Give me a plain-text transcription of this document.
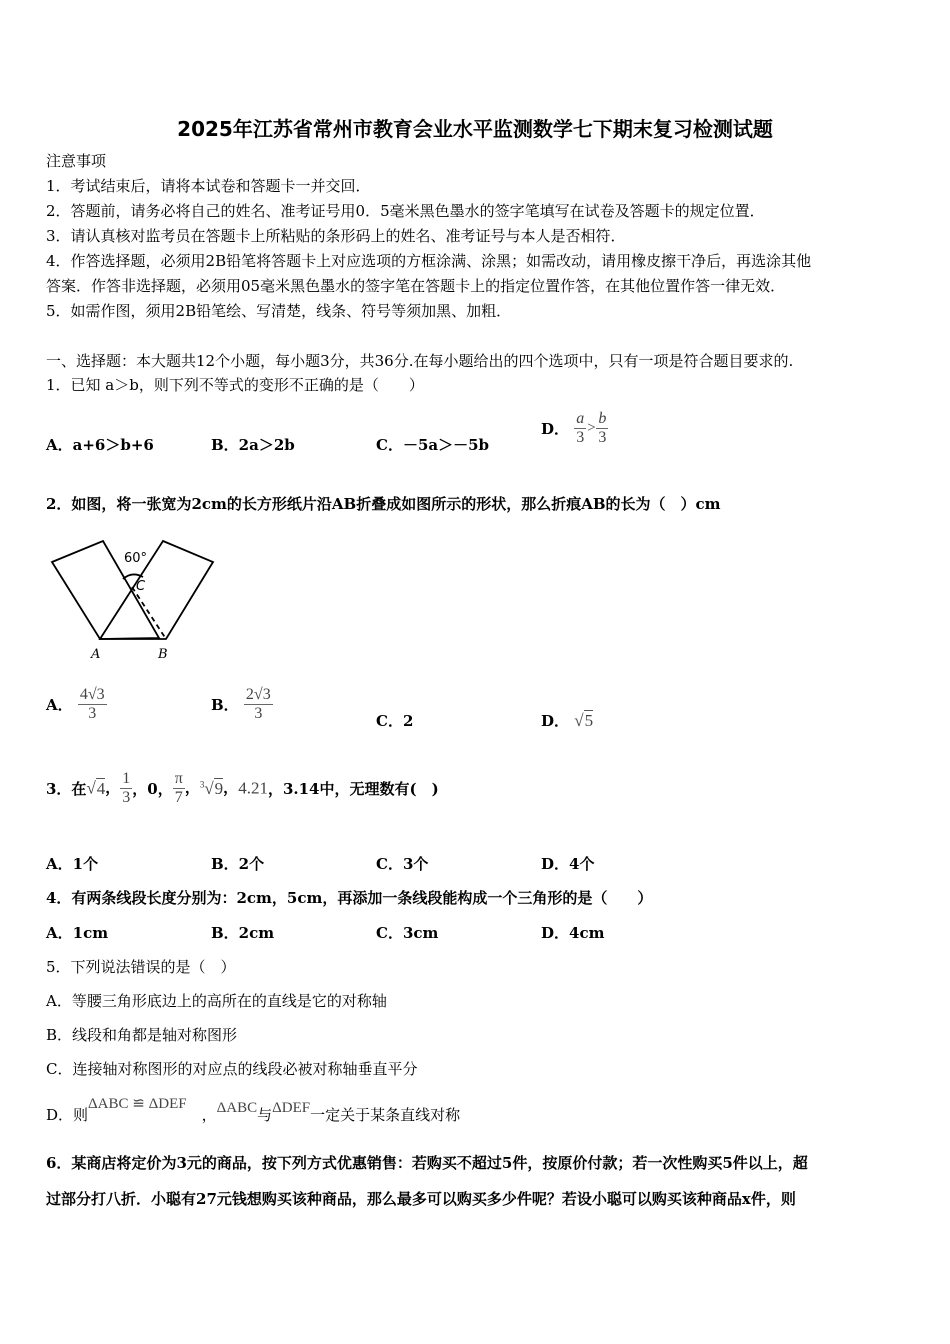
2025年江苏省常州市教育会业水平监测数学七下期末复习检测试题
注意事项
1．考试结束后，请将本试卷和答题卡一并交回．
2．答题前，请务必将自己的姓名、准考证号用0．5毫米黑色墨水的签字笔填写在试卷及答题卡的规定位置．
3．请认真核对监考员在答题卡上所粘贴的条形码上的姓名、准考证号与本人是否相符．
4．作答选择题，必须用2B铅笔将答题卡上对应选项的方框涂满、涂黑；如需改动，请用橡皮擦干净后，再选涂其他
答案．作答非选择题，必须用05毫米黑色墨水的签字笔在答题卡上的指定位置作答，在其他位置作答一律无效．
5．如需作图，须用2B铅笔绘、写清楚，线条、符号等须加黑、加粗．
一、选择题：本大题共12个小题，每小题3分，共36分.在每小题给出的四个选项中，只有一项是符合题目要求的.
1．已知 a＞b，则下列不等式的变形不正确的是（　　）
A．a+6＞b+6	B．2a＞2b	C．－5a＞－5b
D． $\frac{a}{3} > \frac{b}{3}$
2．如图，将一张宽为2cm的长方形纸片沿AB折叠成如图所示的形状，那么折痕AB的长为（　）cm
60°
C
A	B
A． $\frac{4√3}{3}$	B． $\frac{2√3}{3}$	C．2	D． √5
3．在√4， $\frac{1}{3}$ ，0， $\frac{\pi}{7}$ ，$^3$√9，4.21，3.14中，无理数有(　)
A．1个	B．2个	C．3个	D．4个
4．有两条线段长度分别为：2cm，5cm，再添加一条线段能构成一个三角形的是（　　）
A．1cm	B．2cm	C．3cm	D．4cm
5．下列说法错误的是（　）
A．等腰三角形底边上的高所在的直线是它的对称轴
B．线段和角都是轴对称图形
C．连接轴对称图形的对应点的线段必被对称轴垂直平分
D．则ΔABC ≌ ΔDEF　，ΔABC与ΔDEF一定关于某条直线对称
6．某商店将定价为3元的商品，按下列方式优惠销售：若购买不超过5件，按原价付款；若一次性购买5件以上，超
过部分打八折．小聪有27元钱想购买该种商品，那么最多可以购买多少件呢？若设小聪可以购买该种商品x件，则
